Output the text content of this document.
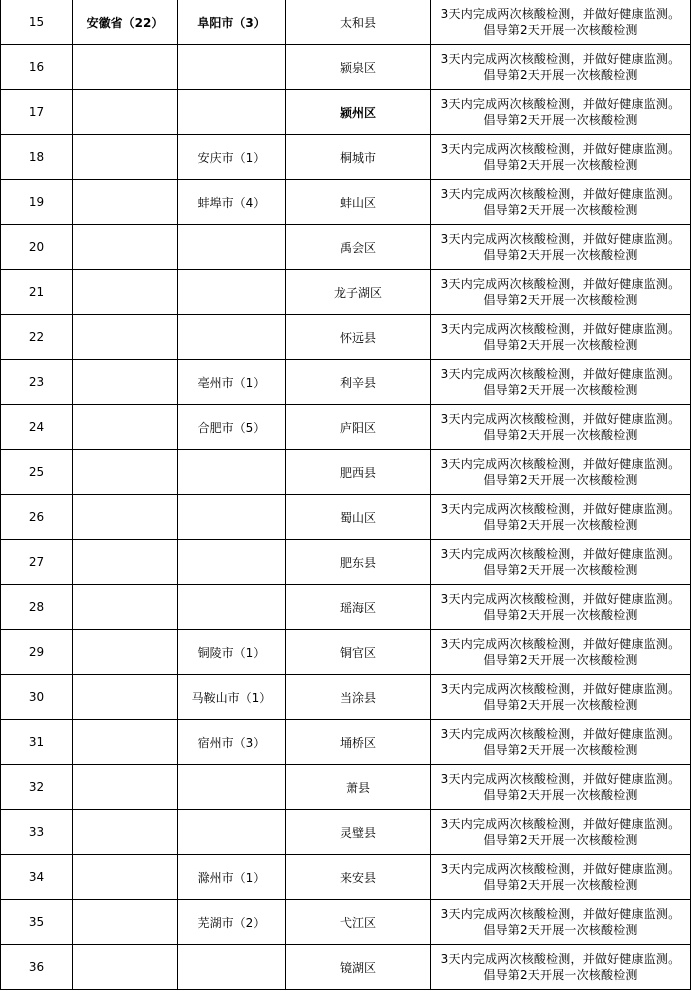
15	安徽省（22）	阜阳市（3）	太和县	3天内完成两次核酸检测，并做好健康监测。
倡导第2天开展一次核酸检测

16			颍泉区	3天内完成两次核酸检测，并做好健康监测。
倡导第2天开展一次核酸检测

17			颍州区	3天内完成两次核酸检测，并做好健康监测。
倡导第2天开展一次核酸检测

18		安庆市（1）	桐城市	3天内完成两次核酸检测，并做好健康监测。
倡导第2天开展一次核酸检测

19		蚌埠市（4）	蚌山区	3天内完成两次核酸检测，并做好健康监测。
倡导第2天开展一次核酸检测

20			禹会区	3天内完成两次核酸检测，并做好健康监测。
倡导第2天开展一次核酸检测

21			龙子湖区	3天内完成两次核酸检测，并做好健康监测。
倡导第2天开展一次核酸检测

22			怀远县	3天内完成两次核酸检测，并做好健康监测。
倡导第2天开展一次核酸检测

23		亳州市（1）	利辛县	3天内完成两次核酸检测，并做好健康监测。
倡导第2天开展一次核酸检测

24		合肥市（5）	庐阳区	3天内完成两次核酸检测，并做好健康监测。
倡导第2天开展一次核酸检测

25			肥西县	3天内完成两次核酸检测，并做好健康监测。
倡导第2天开展一次核酸检测

26			蜀山区	3天内完成两次核酸检测，并做好健康监测。
倡导第2天开展一次核酸检测

27			肥东县	3天内完成两次核酸检测，并做好健康监测。
倡导第2天开展一次核酸检测

28			瑶海区	3天内完成两次核酸检测，并做好健康监测。
倡导第2天开展一次核酸检测

29		铜陵市（1）	铜官区	3天内完成两次核酸检测，并做好健康监测。
倡导第2天开展一次核酸检测

30		马鞍山市（1）	当涂县	3天内完成两次核酸检测，并做好健康监测。
倡导第2天开展一次核酸检测

31		宿州市（3）	埇桥区	3天内完成两次核酸检测，并做好健康监测。
倡导第2天开展一次核酸检测

32			萧县	3天内完成两次核酸检测，并做好健康监测。
倡导第2天开展一次核酸检测

33			灵璧县	3天内完成两次核酸检测，并做好健康监测。
倡导第2天开展一次核酸检测

34		滁州市（1）	来安县	3天内完成两次核酸检测，并做好健康监测。
倡导第2天开展一次核酸检测

35		芜湖市（2）	弋江区	3天内完成两次核酸检测，并做好健康监测。
倡导第2天开展一次核酸检测

36			镜湖区	3天内完成两次核酸检测，并做好健康监测。
倡导第2天开展一次核酸检测
